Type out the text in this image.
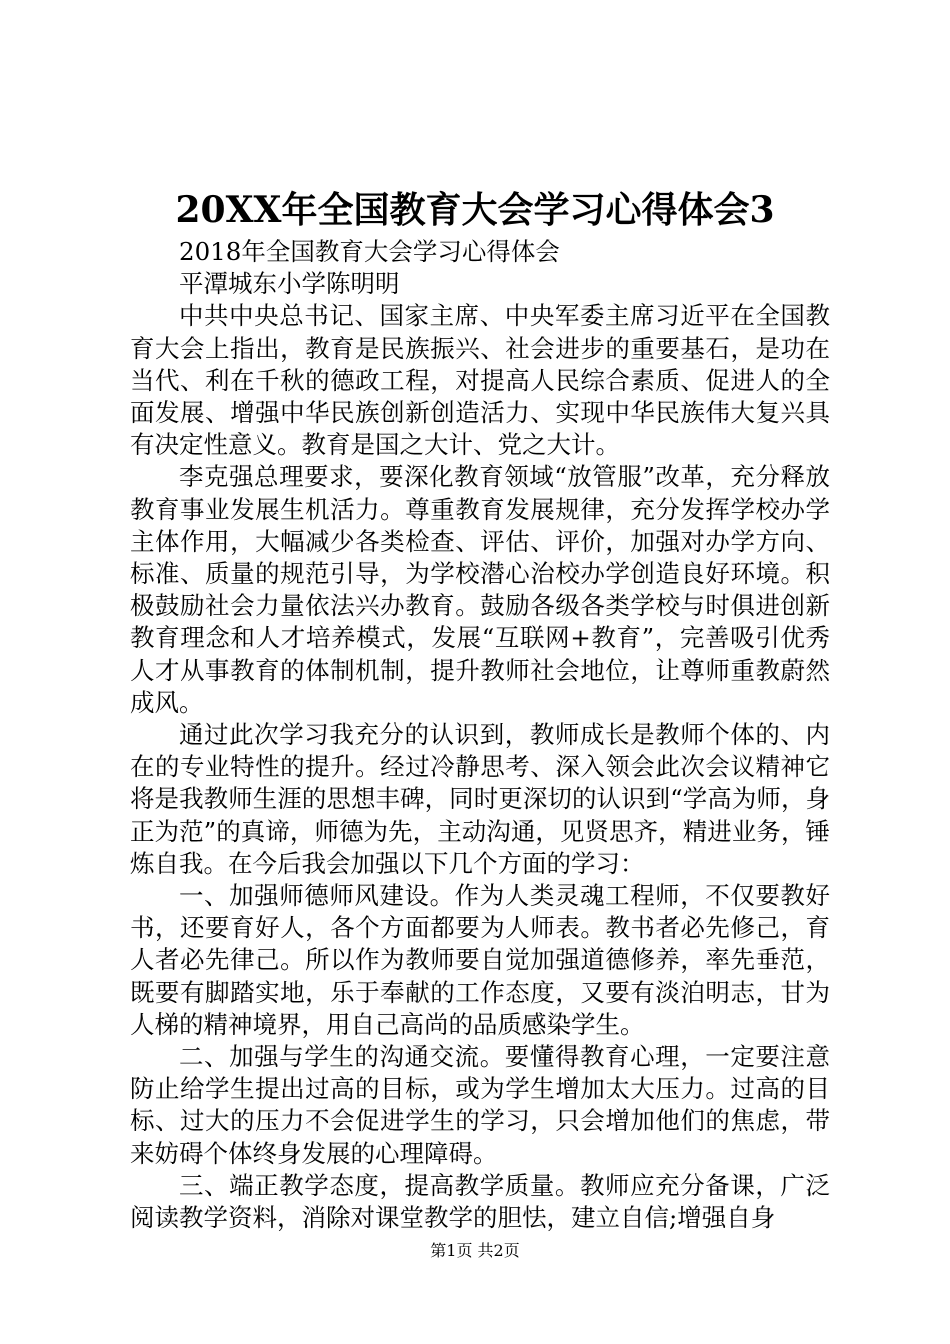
20XX年全国教育大会学习心得体会3

2018年全国教育大会学习心得体会

平潭城东小学陈明明

中共中央总书记、国家主席、中央军委主席习近平在全国教育大会上指出，教育是民族振兴、社会进步的重要基石，是功在当代、利在千秋的德政工程，对提高人民综合素质、促进人的全面发展、增强中华民族创新创造活力、实现中华民族伟大复兴具有决定性意义。教育是国之大计、党之大计。

李克强总理要求，要深化教育领域“放管服”改革，充分释放教育事业发展生机活力。尊重教育发展规律，充分发挥学校办学主体作用，大幅减少各类检查、评估、评价，加强对办学方向、标准、质量的规范引导，为学校潜心治校办学创造良好环境。积极鼓励社会力量依法兴办教育。鼓励各级各类学校与时俱进创新教育理念和人才培养模式，发展“互联网+教育”，完善吸引优秀人才从事教育的体制机制，提升教师社会地位，让尊师重教蔚然成风。

通过此次学习我充分的认识到，教师成长是教师个体的、内在的专业特性的提升。经过冷静思考、深入领会此次会议精神它将是我教师生涯的思想丰碑，同时更深切的认识到“学高为师，身正为范”的真谛，师德为先，主动沟通，见贤思齐，精进业务，锤炼自我。在今后我会加强以下几个方面的学习：

一、加强师德师风建设。作为人类灵魂工程师，不仅要教好书，还要育好人，各个方面都要为人师表。教书者必先修己，育人者必先律己。所以作为教师要自觉加强道德修养，率先垂范，既要有脚踏实地，乐于奉献的工作态度，又要有淡泊明志，甘为人梯的精神境界，用自己高尚的品质感染学生。

二、加强与学生的沟通交流。要懂得教育心理，一定要注意防止给学生提出过高的目标，或为学生增加太大压力。过高的目标、过大的压力不会促进学生的学习，只会增加他们的焦虑，带来妨碍个体终身发展的心理障碍。

三、端正教学态度，提高教学质量。教师应充分备课，广泛阅读教学资料，消除对课堂教学的胆怯，建立自信;增强自身

第1页 共2页
